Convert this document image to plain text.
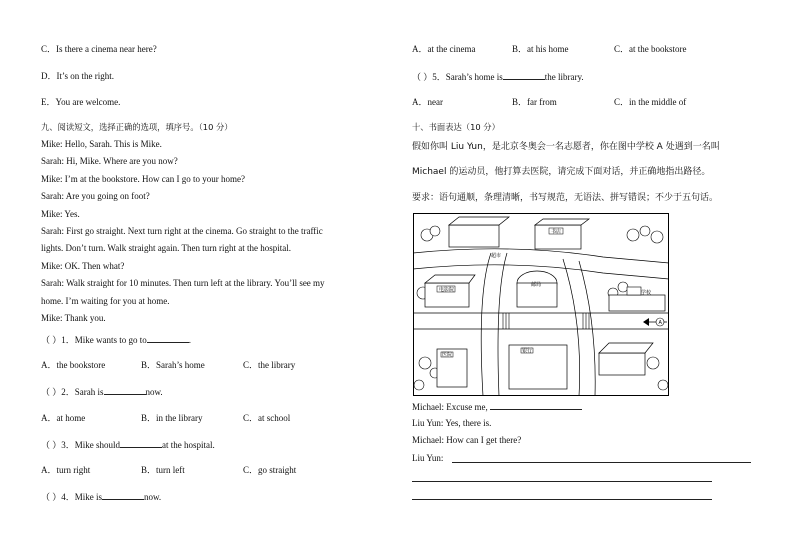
C．Is there a cinema near here?
D．It’s on the right.
E．You are welcome.
九、阅读短文，选择正确的选项，填序号。（10 分）
Mike: Hello, Sarah. This is Mike.
Sarah: Hi, Mike. Where are you now?
Mike: I’m at the bookstore. How can I go to your home?
Sarah: Are you going on foot?
Mike: Yes.
Sarah: First go straight. Next turn right at the cinema. Go straight to the traffic
lights. Don’t turn. Walk straight again. Then turn right at the hospital.
Mike: OK. Then what?
Sarah: Walk straight for 10 minutes. Then turn left at the library. You’ll see my
home. I’m waiting for you at home.
Mike: Thank you.
（ ）1．Mike wants to go to	.
A．the bookstore	B．Sarah’s home	C．the library
（ ）2．Sarah is	now.
A．at home	B．in the library	C．at school
（ ）3．Mike should	at the hospital.
A．turn right	B．turn left	C．go straight
（ ）4．Mike is	now.
A．at the cinema	B．at his home	C．at the bookstore
（ ）5．Sarah’s home is	the library.
A．near	B．far from	C．in the middle of
十、书面表达（10 分）
假如你叫 Liu Yun，是北京冬奥会一名志愿者，你在图中学校 A 处遇到一名叫
Michael 的运动员，他打算去医院，请完成下面对话，并正确地指出路径。
要求：语句通顺，条理清晰，书写规范，无语法、拼写错误；不少于五句话。
Michael: Excuse me,
Liu Yun: Yes, there is.
Michael: How can I get there?
Liu Yun:
超市
书店
电影院
邮局
学校
A
医院
银行
